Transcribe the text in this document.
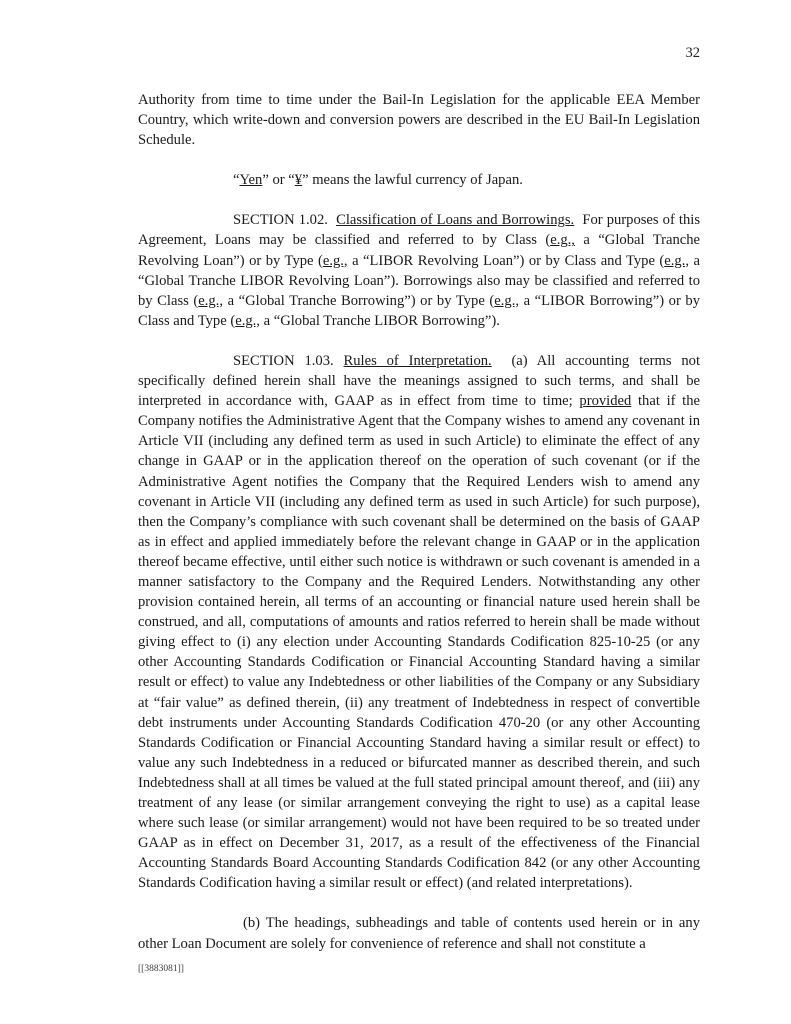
32

Authority from time to time under the Bail-In Legislation for the applicable EEA Member Country, which write-down and conversion powers are described in the EU Bail-In Legislation Schedule.

“Yen” or “¥” means the lawful currency of Japan.

SECTION 1.02. Classification of Loans and Borrowings. For purposes of this Agreement, Loans may be classified and referred to by Class (e.g., a “Global Tranche Revolving Loan”) or by Type (e.g., a “LIBOR Revolving Loan”) or by Class and Type (e.g., a “Global Tranche LIBOR Revolving Loan”). Borrowings also may be classified and referred to by Class (e.g., a “Global Tranche Borrowing”) or by Type (e.g., a “LIBOR Borrowing”) or by Class and Type (e.g., a “Global Tranche LIBOR Borrowing”).

SECTION 1.03. Rules of Interpretation. (a) All accounting terms not specifically defined herein shall have the meanings assigned to such terms, and shall be interpreted in accordance with, GAAP as in effect from time to time; provided that if the Company notifies the Administrative Agent that the Company wishes to amend any covenant in Article VII (including any defined term as used in such Article) to eliminate the effect of any change in GAAP or in the application thereof on the operation of such covenant (or if the Administrative Agent notifies the Company that the Required Lenders wish to amend any covenant in Article VII (including any defined term as used in such Article) for such purpose), then the Company’s compliance with such covenant shall be determined on the basis of GAAP as in effect and applied immediately before the relevant change in GAAP or in the application thereof became effective, until either such notice is withdrawn or such covenant is amended in a manner satisfactory to the Company and the Required Lenders. Notwithstanding any other provision contained herein, all terms of an accounting or financial nature used herein shall be construed, and all, computations of amounts and ratios referred to herein shall be made without giving effect to (i) any election under Accounting Standards Codification 825-10-25 (or any other Accounting Standards Codification or Financial Accounting Standard having a similar result or effect) to value any Indebtedness or other liabilities of the Company or any Subsidiary at “fair value” as defined therein, (ii) any treatment of Indebtedness in respect of convertible debt instruments under Accounting Standards Codification 470-20 (or any other Accounting Standards Codification or Financial Accounting Standard having a similar result or effect) to value any such Indebtedness in a reduced or bifurcated manner as described therein, and such Indebtedness shall at all times be valued at the full stated principal amount thereof, and (iii) any treatment of any lease (or similar arrangement conveying the right to use) as a capital lease where such lease (or similar arrangement) would not have been required to be so treated under GAAP as in effect on December 31, 2017, as a result of the effectiveness of the Financial Accounting Standards Board Accounting Standards Codification 842 (or any other Accounting Standards Codification having a similar result or effect) (and related interpretations).

(b) The headings, subheadings and table of contents used herein or in any other Loan Document are solely for convenience of reference and shall not constitute a

[[3883081]]
